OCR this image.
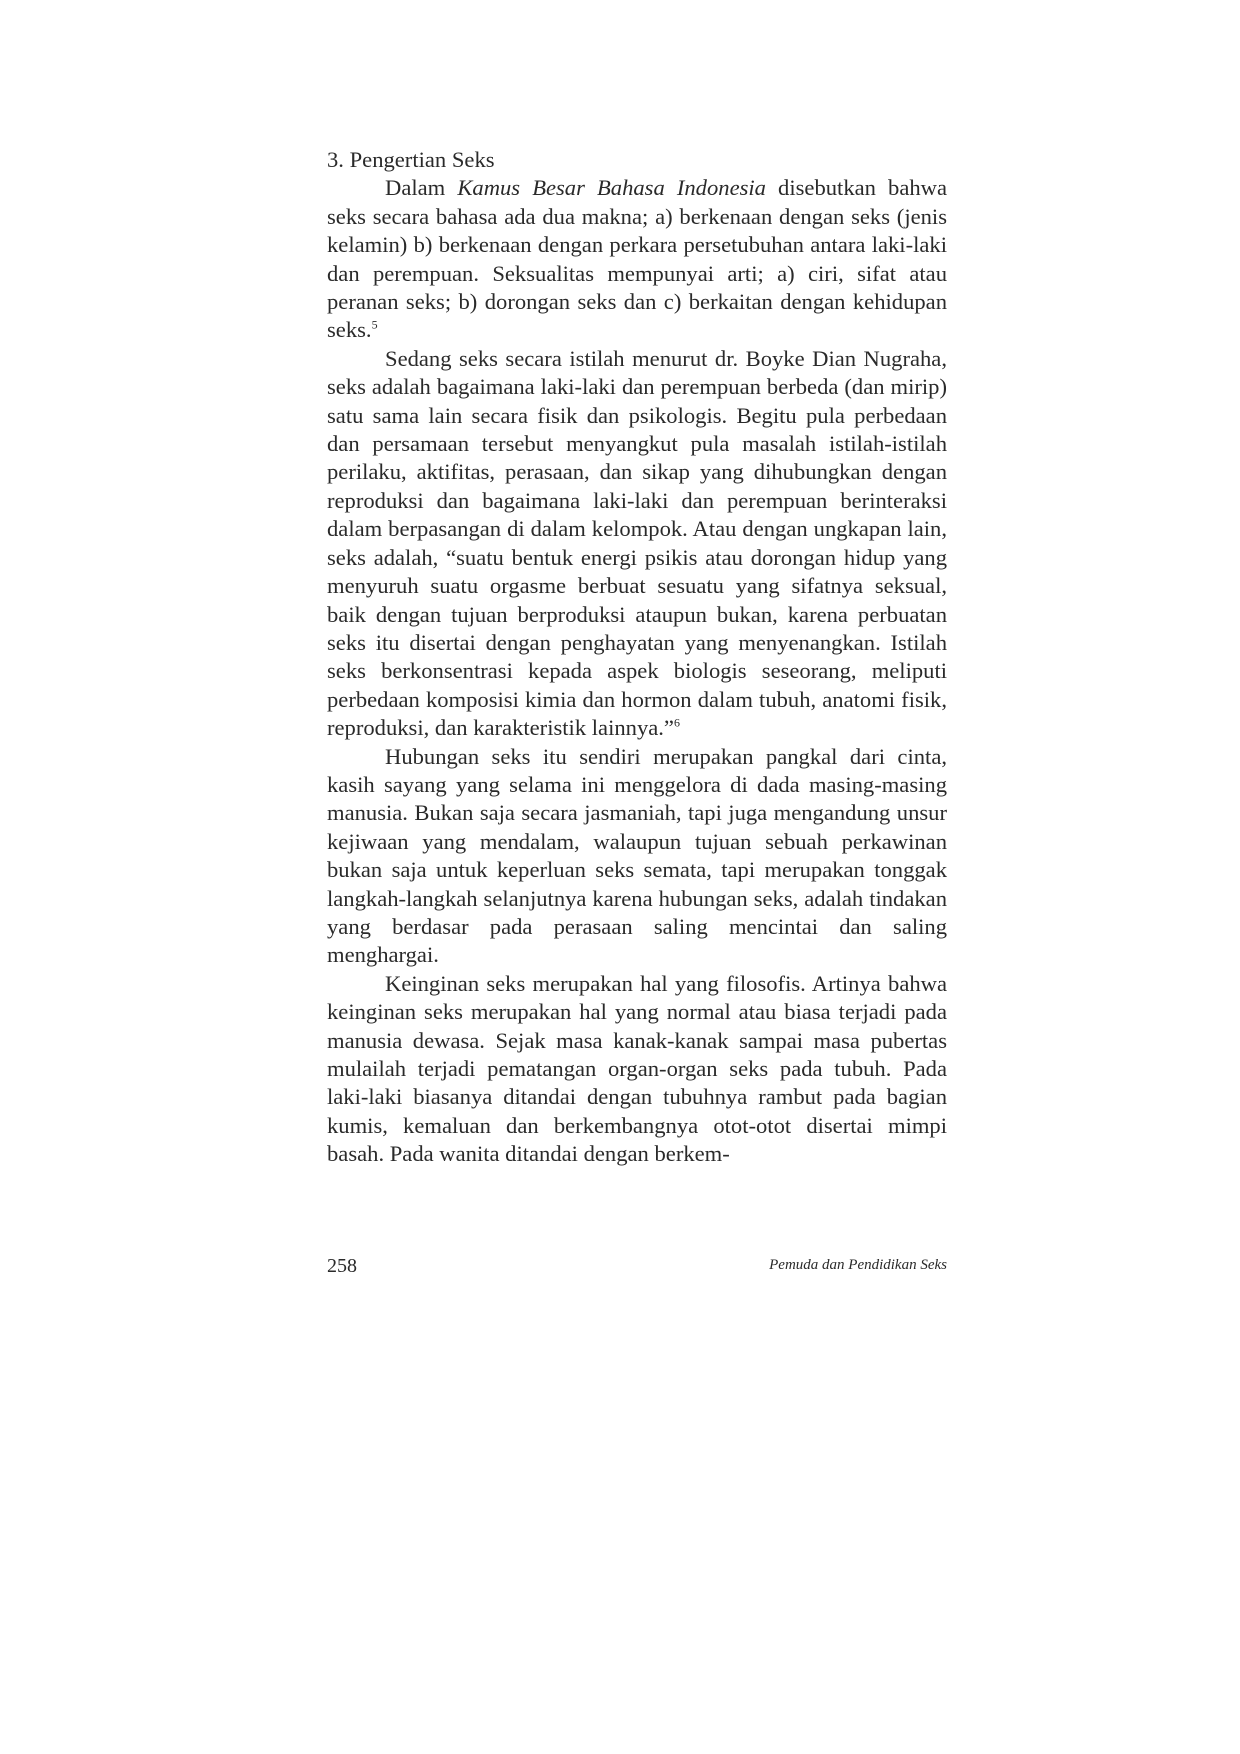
3. Pengertian Seks

Dalam Kamus Besar Bahasa Indonesia disebutkan bahwa seks secara bahasa ada dua makna; a) berkenaan dengan seks (jenis kelamin) b) berkenaan dengan perkara persetubuhan antara laki-laki dan perempuan. Seksualitas mempunyai arti; a) ciri, sifat atau peranan seks; b) dorongan seks dan c) berkaitan dengan kehidupan seks.$^5$

Sedang seks secara istilah menurut dr. Boyke Dian Nugraha, seks adalah bagaimana laki-laki dan perempuan berbeda (dan mirip) satu sama lain secara fisik dan psikologis. Begitu pula perbedaan dan persamaan tersebut menyangkut pula masalah istilah-istilah perilaku, aktifitas, perasaan, dan sikap yang dihubungkan dengan reproduksi dan bagaimana laki-laki dan perempuan berinteraksi dalam berpasangan di dalam kelompok. Atau dengan ungkapan lain, seks adalah, “suatu bentuk energi psikis atau dorongan hidup yang menyuruh suatu orgasme berbuat sesuatu yang sifatnya seksual, baik dengan tujuan berproduksi ataupun bukan, karena perbuatan seks itu disertai dengan penghayatan yang menyenangkan. Istilah seks berkonsentrasi kepada aspek biologis seseorang, meliputi perbedaan komposisi kimia dan hormon dalam tubuh, anatomi fisik, reproduksi, dan karakteristik lainnya.”$^6$

Hubungan seks itu sendiri merupakan pangkal dari cinta, kasih sayang yang selama ini menggelora di dada masing-masing manusia. Bukan saja secara jasmaniah, tapi juga mengandung unsur kejiwaan yang mendalam, walaupun tujuan sebuah perkawinan bukan saja untuk keperluan seks semata, tapi merupakan tonggak langkah-langkah selanjutnya karena hubungan seks, adalah tindakan yang berdasar pada perasaan saling mencintai dan saling menghargai.

Keinginan seks merupakan hal yang filosofis. Artinya bahwa keinginan seks merupakan hal yang normal atau biasa terjadi pada manusia dewasa. Sejak masa kanak-kanak sampai masa pubertas mulailah terjadi pematangan organ-organ seks pada tubuh. Pada laki-laki biasanya ditandai dengan tubuhnya rambut pada bagian kumis, kemaluan dan berkembangnya otot-otot disertai mimpi basah. Pada wanita ditandai dengan berkem-

258	Pemuda dan Pendidikan Seks
